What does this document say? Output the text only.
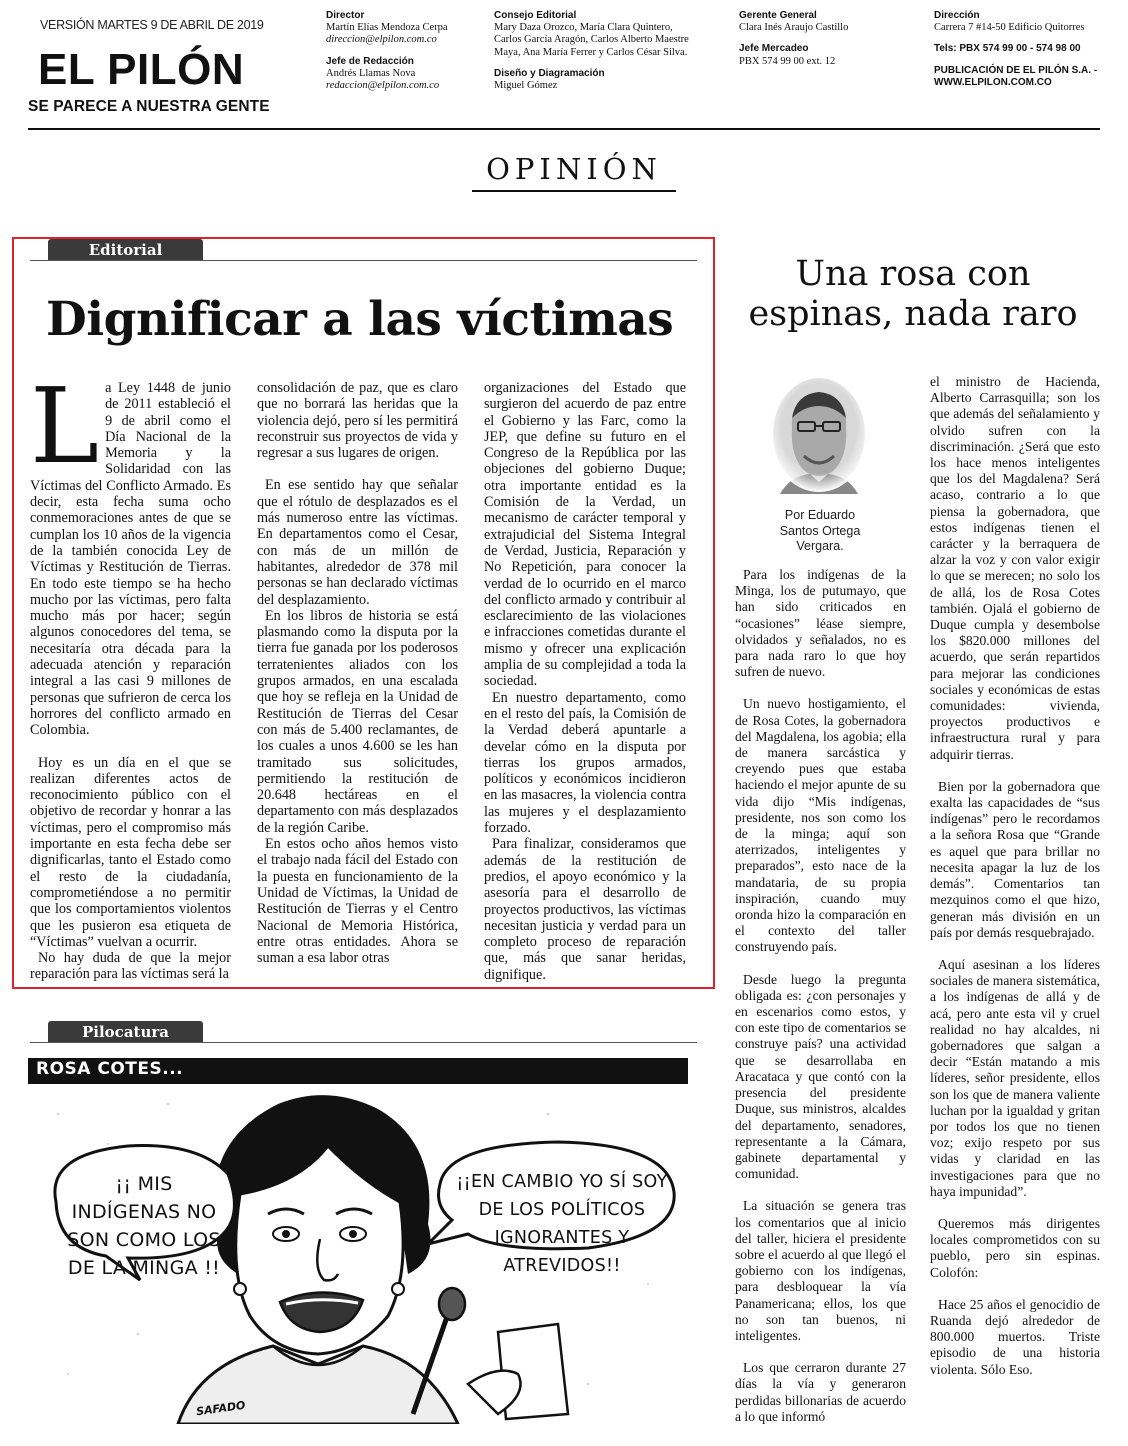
VERSIÓN MARTES 9 DE ABRIL DE 2019
EL PILÓN
SE PARECE A NUESTRA GENTE
Director
Martín Elías Mendoza Cerpa
direccion@elpilon.com.co
Jefe de Redacción
Andrés Llamas Nova
redaccion@elpilon.com.co
Consejo Editorial
Mary Daza Orozco, María Clara Quintero,
Carlos García Aragón, Carlos Alberto Maestre
Maya, Ana María Ferrer y Carlos César Silva.
Diseño y Diagramación
Miguel Gómez
Gerente General
Clara Inés Araujo Castillo
Jefe Mercadeo
PBX 574 99 00 ext. 12
Dirección
Carrera 7 #14-50 Edificio Quitorres
Tels: PBX 574 99 00 - 574 98 00
PUBLICACIÓN DE EL PILÓN S.A. -
WWW.ELPILON.COM.CO
OPINIÓN
Editorial
Dignificar a las víctimas
L a Ley 1448 de junio de 2011 estableció el 9 de abril como el Día Nacional de la Memoria y la Solidaridad con las Víctimas del Conflicto Armado. Es decir, esta fecha suma ocho conmemoraciones antes de que se cumplan los 10 años de la vigencia de la también conocida Ley de Víctimas y Restitución de Tierras. En todo este tiempo se ha hecho mucho por las víctimas, pero falta mucho más por hacer; según algunos conocedores del tema, se necesitaría otra década para la adecuada atención y reparación integral a las casi 9 millones de personas que sufrieron de cerca los horrores del conflicto armado en Colombia.

Hoy es un día en el que se realizan diferentes actos de reconocimiento público con el objetivo de recordar y honrar a las víctimas, pero el compromiso más importante en esta fecha debe ser dignificarlas, tanto el Estado como el resto de la ciudadanía, comprometiéndose a no permitir que los comportamientos violentos que les pusieron esa etiqueta de “Víctimas” vuelvan a ocurrir.

No hay duda de que la mejor reparación para las víctimas será la

consolidación de paz, que es claro que no borrará las heridas que la violencia dejó, pero sí les permitirá reconstruir sus proyectos de vida y regresar a sus lugares de origen.

En ese sentido hay que señalar que el rótulo de desplazados es el más numeroso entre las víctimas. En departamentos como el Cesar, con más de un millón de habitantes, alrededor de 378 mil personas se han declarado víctimas del desplazamiento.

En los libros de historia se está plasmando como la disputa por la tierra fue ganada por los poderosos terratenientes aliados con los grupos armados, en una escalada que hoy se refleja en la Unidad de Restitución de Tierras del Cesar con más de 5.400 reclamantes, de los cuales a unos 4.600 se les han tramitado sus solicitudes, permitiendo la restitución de 20.648 hectáreas en el departamento con más desplazados de la región Caribe.

En estos ocho años hemos visto el trabajo nada fácil del Estado con la puesta en funcionamiento de la Unidad de Víctimas, la Unidad de Restitución de Tierras y el Centro Nacional de Memoria Histórica, entre otras entidades. Ahora se suman a esa labor otras

organizaciones del Estado que surgieron del acuerdo de paz entre el Gobierno y las Farc, como la JEP, que define su futuro en el Congreso de la República por las objeciones del gobierno Duque; otra importante entidad es la Comisión de la Verdad, un mecanismo de carácter temporal y extrajudicial del Sistema Integral de Verdad, Justicia, Reparación y No Repetición, para conocer la verdad de lo ocurrido en el marco del conflicto armado y contribuir al esclarecimiento de las violaciones e infracciones cometidas durante el mismo y ofrecer una explicación amplia de su complejidad a toda la sociedad.

En nuestro departamento, como en el resto del país, la Comisión de la Verdad deberá apuntarle a develar cómo en la disputa por tierras los grupos armados, políticos y económicos incidieron en las masacres, la violencia contra las mujeres y el desplazamiento forzado.

Para finalizar, consideramos que además de la restitución de predios, el apoyo económico y la asesoría para el desarrollo de proyectos productivos, las víctimas necesitan justicia y verdad para un completo proceso de reparación que, más que sanar heridas, dignifique.

Pilocatura
ROSA COTES...
¡¡ MIS INDÍGENAS NO SON COMO LOS DE LA MINGA !!
¡¡EN CAMBIO YO SÍ SOY DE LOS POLÍTICOS IGNORANTES Y ATREVIDOS!!
SAFADO
Una rosa con espinas, nada raro
Por Eduardo
Santos Ortega
Vergara.

Para los indígenas de la Minga, los de putumayo, que han sido criticados en “ocasiones” léase siempre, olvidados y señalados, no es para nada raro lo que hoy sufren de nuevo.

Un nuevo hostigamiento, el de Rosa Cotes, la gobernadora del Magdalena, los agobia; ella de manera sarcástica y creyendo pues que estaba haciendo el mejor apunte de su vida dijo “Mis indígenas, presidente, nos son como los de la minga; aquí son aterrizados, inteligentes y preparados”, esto nace de la mandataria, de su propia inspiración, cuando muy oronda hizo la comparación en el contexto del taller construyendo país.

Desde luego la pregunta obligada es: ¿con personajes y en escenarios como estos, y con este tipo de comentarios se construye país? una actividad que se desarrollaba en Aracataca y que contó con la presencia del presidente Duque, sus ministros, alcaldes del departamento, senadores, representante a la Cámara, gabinete departamental y comunidad.

La situación se genera tras los comentarios que al inicio del taller, hiciera el presidente sobre el acuerdo al que llegó el gobierno con los indígenas, para desbloquear la vía Panamericana; ellos, los que no son tan buenos, ni inteligentes.

Los que cerraron durante 27 días la vía y generaron perdidas billonarias de acuerdo a lo que informó

el ministro de Hacienda, Alberto Carrasquilla; son los que además del señalamiento y olvido sufren con la discriminación. ¿Será que esto los hace menos inteligentes que los del Magdalena? Será acaso, contrario a lo que piensa la gobernadora, que estos indígenas tienen el carácter y la berraquera de alzar la voz y con valor exigir lo que se merecen; no solo los de allá, los de Rosa Cotes también. Ojalá el gobierno de Duque cumpla y desembolse los $820.000 millones del acuerdo, que serán repartidos para mejorar las condiciones sociales y económicas de estas comunidades: vivienda, proyectos productivos e infraestructura rural y para adquirir tierras.

Bien por la gobernadora que exalta las capacidades de “sus indígenas” pero le recordamos a la señora Rosa que “Grande es aquel que para brillar no necesita apagar la luz de los demás”. Comentarios tan mezquinos como el que hizo, generan más división en un país por demás resquebrajado.

Aquí asesinan a los líderes sociales de manera sistemática, a los indígenas de allá y de acá, pero ante esta vil y cruel realidad no hay alcaldes, ni gobernadores que salgan a decir “Están matando a mis líderes, señor presidente, ellos son los que de manera valiente luchan por la igualdad y gritan por todos los que no tienen voz; exijo respeto por sus vidas y claridad en las investigaciones para que no haya impunidad”.

Queremos más dirigentes locales comprometidos con su pueblo, pero sin espinas. Colofón:

Hace 25 años el genocidio de Ruanda dejó alrededor de 800.000 muertos. Triste episodio de una historia violenta. Sólo Eso.
